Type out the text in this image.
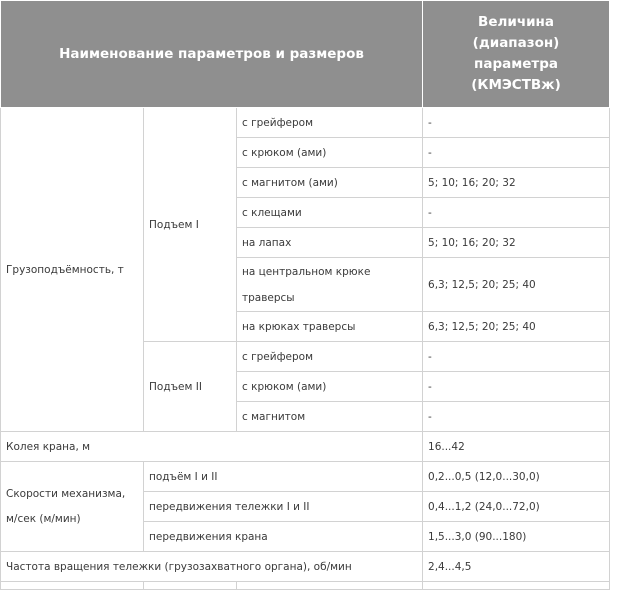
Наименование параметров и размеров			Величина
(диапазон)
параметра
(КМЭСТВж)

Грузоподъёмность, т	Подъем I	с грейфером	-
		с крюком (ами)	-
		с магнитом (ами)	5; 10; 16; 20; 32
		с клещами	-
		на лапах	5; 10; 16; 20; 32
		на центральном крюке траверсы	6,3; 12,5; 20; 25; 40
		на крюках траверсы	6,3; 12,5; 20; 25; 40
	Подъем II	с грейфером	-
		с крюком (ами)	-
		с магнитом	-
Колея крана, м			16...42
Скорости механизма, м/сек (м/мин)	подъём I и II		0,2...0,5 (12,0...30,0)
	передвижения тележки I и II		0,4...1,2 (24,0...72,0)
	передвижения крана		1,5...3,0 (90...180)
Частота вращения тележки (грузозахватного органа), об/мин			2,4...4,5
